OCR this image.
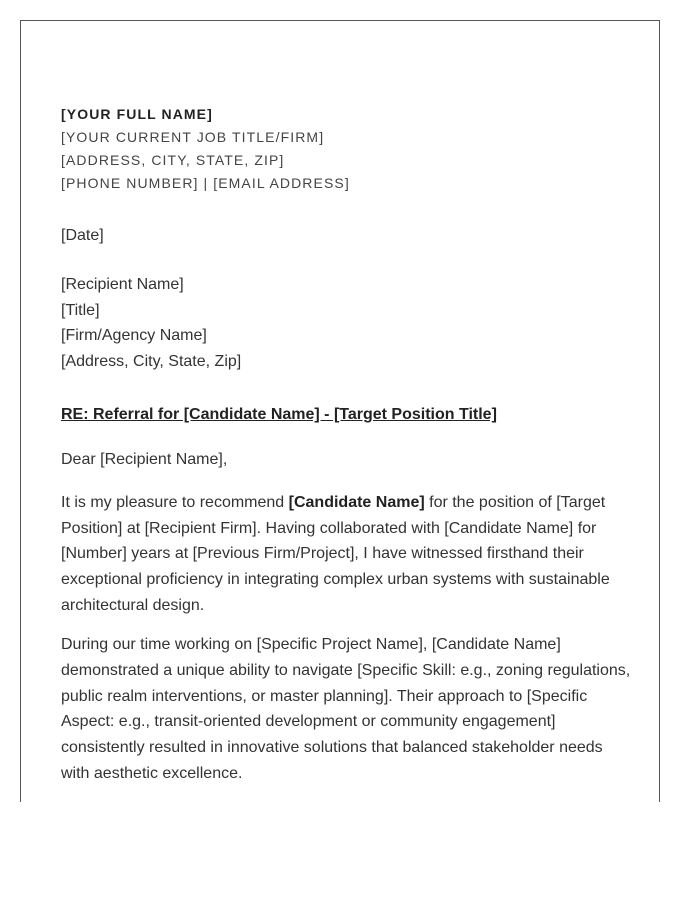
[YOUR FULL NAME]
[YOUR CURRENT JOB TITLE/FIRM]
[ADDRESS, CITY, STATE, ZIP]
[PHONE NUMBER] | [EMAIL ADDRESS]
[Date]
[Recipient Name]
[Title]
[Firm/Agency Name]
[Address, City, State, Zip]
RE: Referral for [Candidate Name] - [Target Position Title]
Dear [Recipient Name],
It is my pleasure to recommend [Candidate Name] for the position of [Target Position] at [Recipient Firm]. Having collaborated with [Candidate Name] for [Number] years at [Previous Firm/Project], I have witnessed firsthand their exceptional proficiency in integrating complex urban systems with sustainable architectural design.
During our time working on [Specific Project Name], [Candidate Name] demonstrated a unique ability to navigate [Specific Skill: e.g., zoning regulations, public realm interventions, or master planning]. Their approach to [Specific Aspect: e.g., transit-oriented development or community engagement] consistently resulted in innovative solutions that balanced stakeholder needs with aesthetic excellence.
